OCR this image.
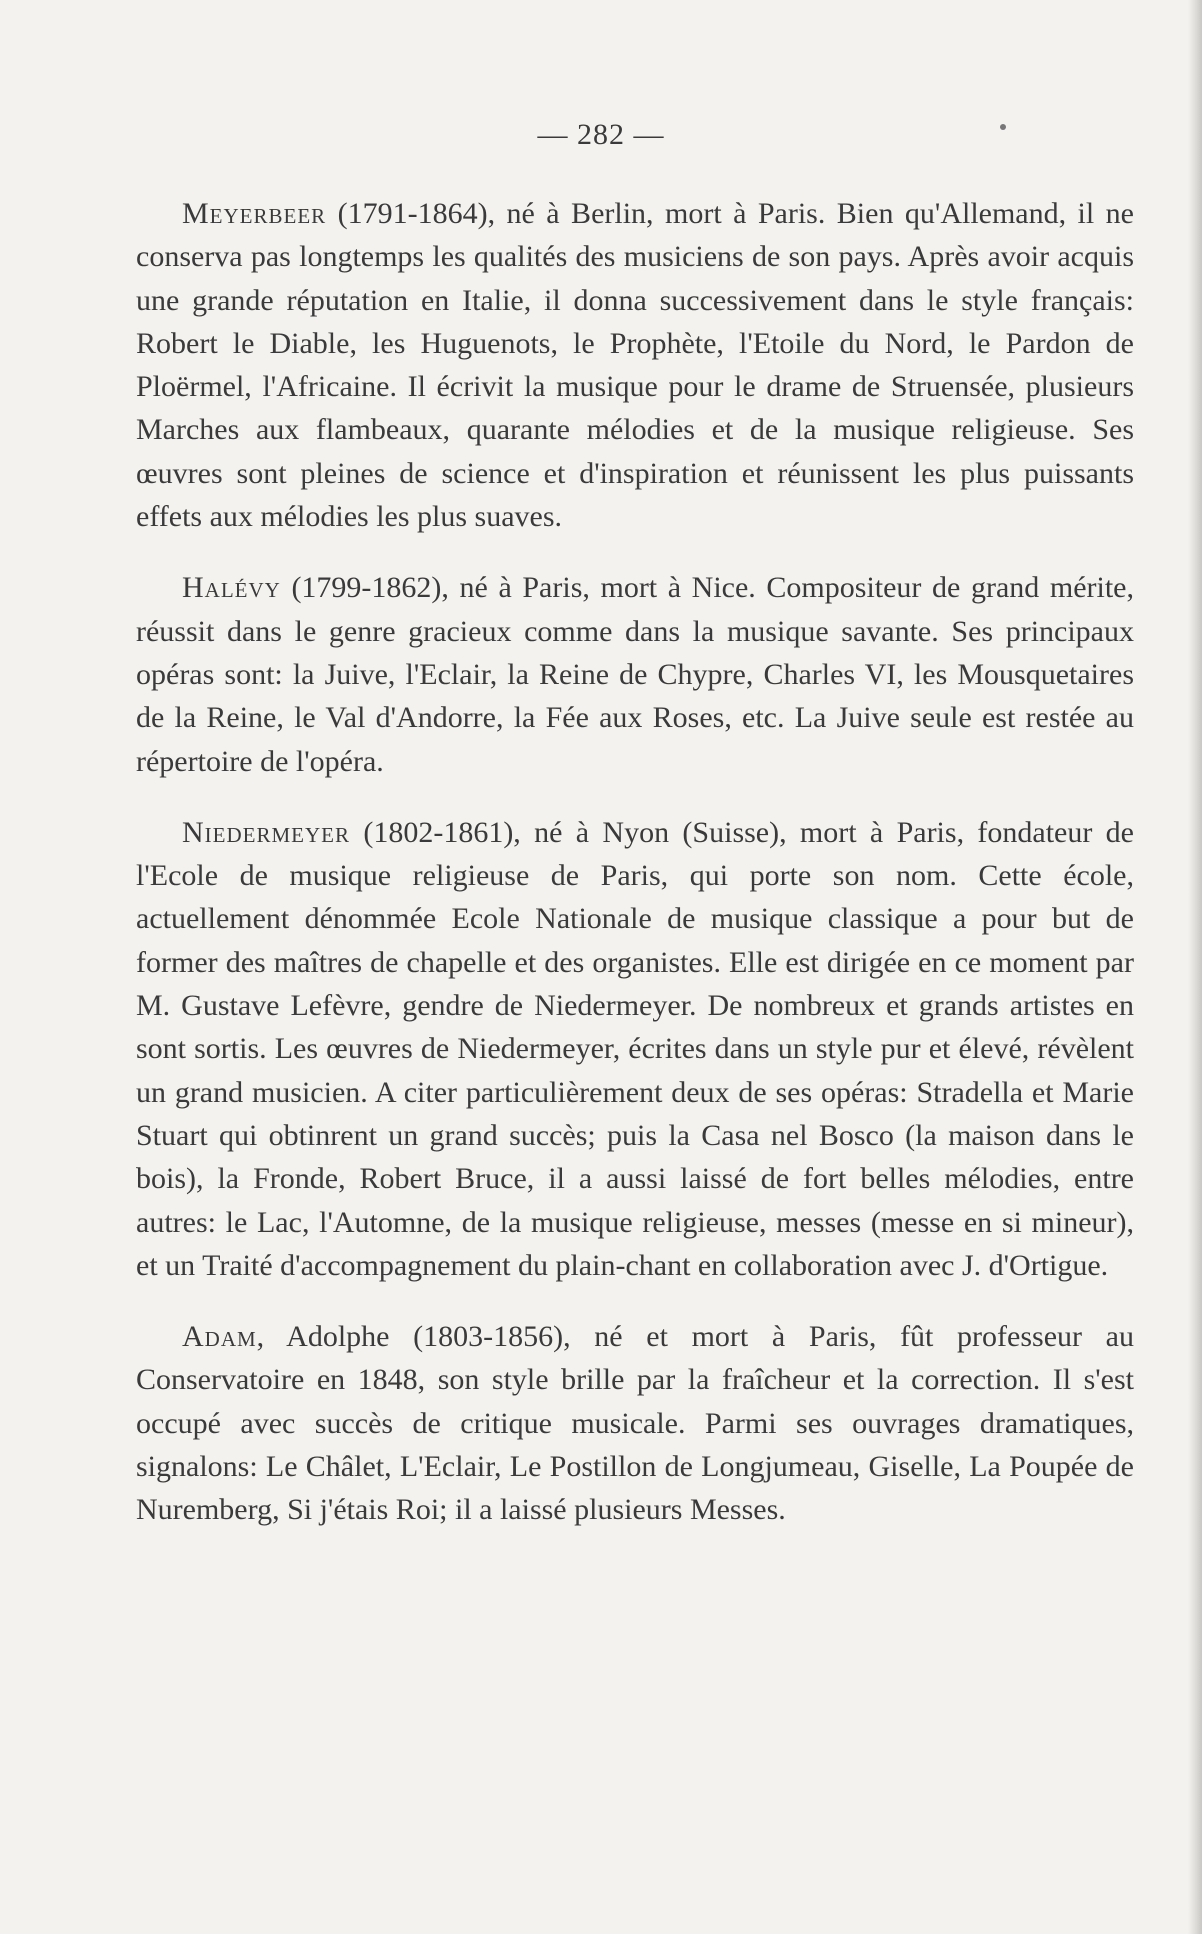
— 282 —

Meyerbeer (1791-1864), né à Berlin, mort à Paris. Bien qu'Allemand, il ne conserva pas longtemps les qualités des musiciens de son pays. Après avoir acquis une grande réputation en Italie, il donna successivement dans le style français: Robert le Diable, les Huguenots, le Prophète, l'Etoile du Nord, le Pardon de Ploërmel, l'Africaine. Il écrivit la musique pour le drame de Struensée, plusieurs Marches aux flambeaux, quarante mélodies et de la musique religieuse. Ses œuvres sont pleines de science et d'inspiration et réunissent les plus puissants effets aux mélodies les plus suaves.

Halévy (1799-1862), né à Paris, mort à Nice. Compositeur de grand mérite, réussit dans le genre gracieux comme dans la musique savante. Ses principaux opéras sont: la Juive, l'Eclair, la Reine de Chypre, Charles VI, les Mousquetaires de la Reine, le Val d'Andorre, la Fée aux Roses, etc. La Juive seule est restée au répertoire de l'opéra.

Niedermeyer (1802-1861), né à Nyon (Suisse), mort à Paris, fondateur de l'Ecole de musique religieuse de Paris, qui porte son nom. Cette école, actuellement dénommée Ecole Nationale de musique classique a pour but de former des maîtres de chapelle et des organistes. Elle est dirigée en ce moment par M. Gustave Lefèvre, gendre de Niedermeyer. De nombreux et grands artistes en sont sortis. Les œuvres de Niedermeyer, écrites dans un style pur et élevé, révèlent un grand musicien. A citer particulièrement deux de ses opéras: Stradella et Marie Stuart qui obtinrent un grand succès; puis la Casa nel Bosco (la maison dans le bois), la Fronde, Robert Bruce, il a aussi laissé de fort belles mélodies, entre autres: le Lac, l'Automne, de la musique religieuse, messes (messe en si mineur), et un Traité d'accompagnement du plain-chant en collaboration avec J. d'Ortigue.

Adam, Adolphe (1803-1856), né et mort à Paris, fût professeur au Conservatoire en 1848, son style brille par la fraîcheur et la correction. Il s'est occupé avec succès de critique musicale. Parmi ses ouvrages dramatiques, signalons: Le Châlet, L'Eclair, Le Postillon de Longjumeau, Giselle, La Poupée de Nuremberg, Si j'étais Roi; il a laissé plusieurs Messes.
